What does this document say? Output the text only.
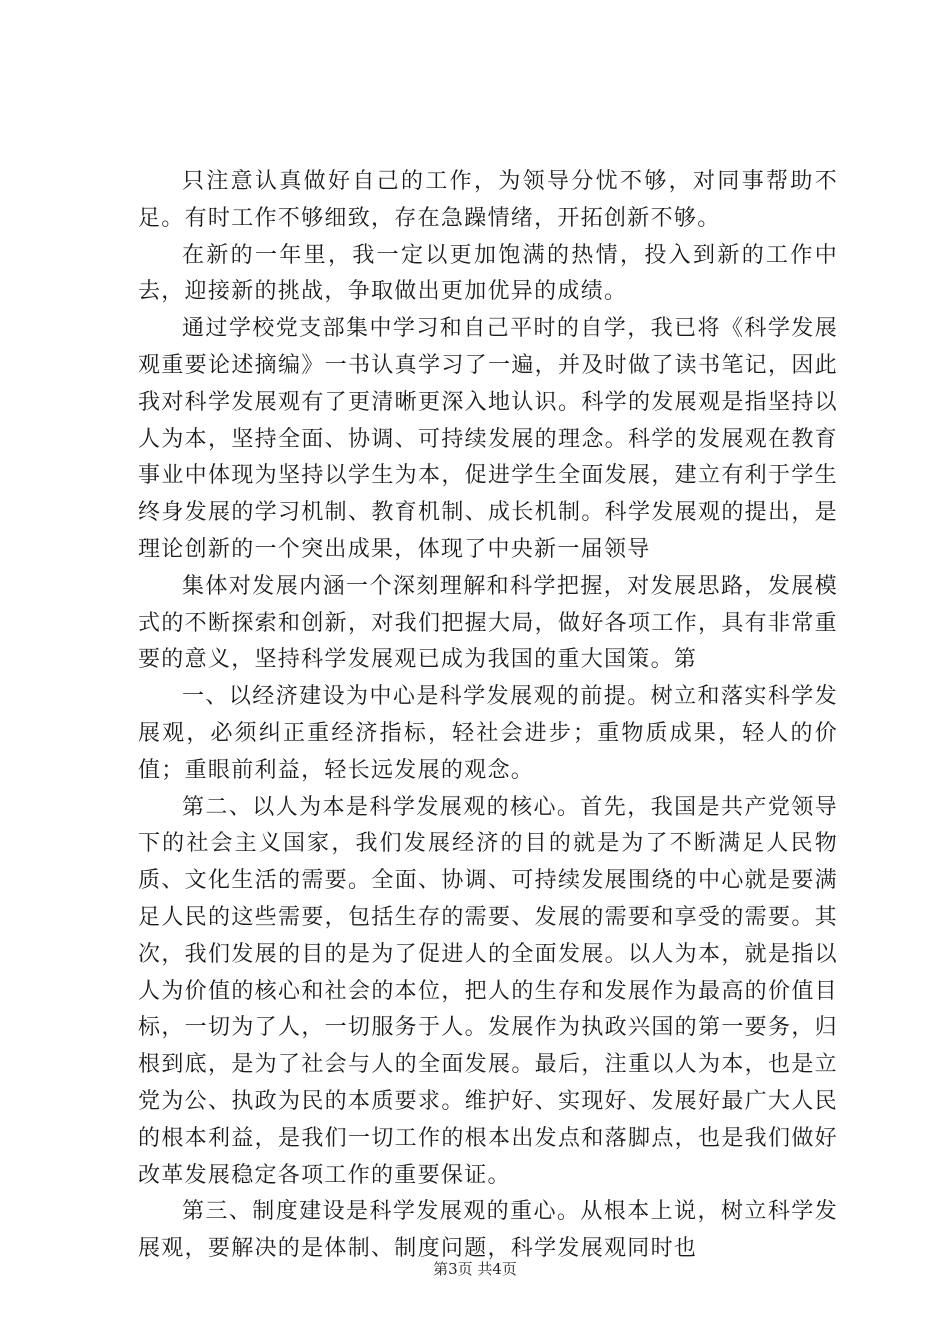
只注意认真做好自己的工作，为领导分忧不够，对同事帮助不足。有时工作不够细致，存在急躁情绪，开拓创新不够。

在新的一年里，我一定以更加饱满的热情，投入到新的工作中去，迎接新的挑战，争取做出更加优异的成绩。

通过学校党支部集中学习和自己平时的自学，我已将《科学发展观重要论述摘编》一书认真学习了一遍，并及时做了读书笔记，因此我对科学发展观有了更清晰更深入地认识。科学的发展观是指坚持以人为本，坚持全面、协调、可持续发展的理念。科学的发展观在教育事业中体现为坚持以学生为本，促进学生全面发展，建立有利于学生终身发展的学习机制、教育机制、成长机制。科学发展观的提出，是理论创新的一个突出成果，体现了中央新一届领导

集体对发展内涵一个深刻理解和科学把握，对发展思路，发展模式的不断探索和创新，对我们把握大局，做好各项工作，具有非常重要的意义，坚持科学发展观已成为我国的重大国策。第

一、以经济建设为中心是科学发展观的前提。树立和落实科学发展观，必须纠正重经济指标，轻社会进步；重物质成果，轻人的价值；重眼前利益，轻长远发展的观念。

第二、以人为本是科学发展观的核心。首先，我国是共产党领导下的社会主义国家，我们发展经济的目的就是为了不断满足人民物质、文化生活的需要。全面、协调、可持续发展围绕的中心就是要满足人民的这些需要，包括生存的需要、发展的需要和享受的需要。其次，我们发展的目的是为了促进人的全面发展。以人为本，就是指以人为价值的核心和社会的本位，把人的生存和发展作为最高的价值目标，一切为了人，一切服务于人。发展作为执政兴国的第一要务，归根到底，是为了社会与人的全面发展。最后，注重以人为本，也是立党为公、执政为民的本质要求。维护好、实现好、发展好最广大人民的根本利益，是我们一切工作的根本出发点和落脚点，也是我们做好改革发展稳定各项工作的重要保证。

第三、制度建设是科学发展观的重心。从根本上说，树立科学发展观，要解决的是体制、制度问题，科学发展观同时也

第3页 共4页
